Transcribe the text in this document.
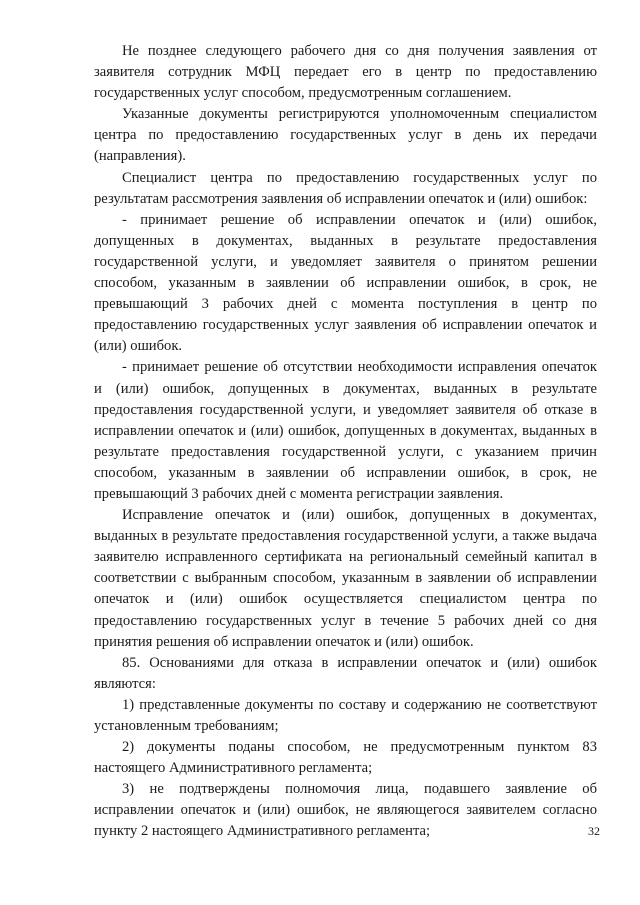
Не позднее следующего рабочего дня со дня получения заявления от заявителя сотрудник МФЦ передает его в центр по предоставлению государственных услуг способом, предусмотренным соглашением.

Указанные документы регистрируются уполномоченным специалистом центра по предоставлению государственных услуг в день их передачи (направления).

Специалист центра по предоставлению государственных услуг по результатам рассмотрения заявления об исправлении опечаток и (или) ошибок:

- принимает решение об исправлении опечаток и (или) ошибок, допущенных в документах, выданных в результате предоставления государственной услуги, и уведомляет заявителя о принятом решении способом, указанным в заявлении об исправлении ошибок, в срок, не превышающий 3 рабочих дней с момента поступления в центр по предоставлению государственных услуг заявления об исправлении опечаток и (или) ошибок.

- принимает решение об отсутствии необходимости исправления опечаток и (или) ошибок, допущенных в документах, выданных в результате предоставления государственной услуги, и уведомляет заявителя об отказе в исправлении опечаток и (или) ошибок, допущенных в документах, выданных в результате предоставления государственной услуги, с указанием причин способом, указанным в заявлении об исправлении ошибок, в срок, не превышающий 3 рабочих дней с момента регистрации заявления.

Исправление опечаток и (или) ошибок, допущенных в документах, выданных в результате предоставления государственной услуги, а также выдача заявителю исправленного сертификата на региональный семейный капитал в соответствии с выбранным способом, указанным в заявлении об исправлении опечаток и (или) ошибок осуществляется специалистом центра по предоставлению государственных услуг в течение 5 рабочих дней со дня принятия решения об исправлении опечаток и (или) ошибок.

85. Основаниями для отказа в исправлении опечаток и (или) ошибок являются:

1) представленные документы по составу и содержанию не соответствуют установленным требованиям;

2) документы поданы способом, не предусмотренным пунктом 83 настоящего Административного регламента;

3) не подтверждены полномочия лица, подавшего заявление об исправлении опечаток и (или) ошибок, не являющегося заявителем согласно пункту 2 настоящего Административного регламента;	32
